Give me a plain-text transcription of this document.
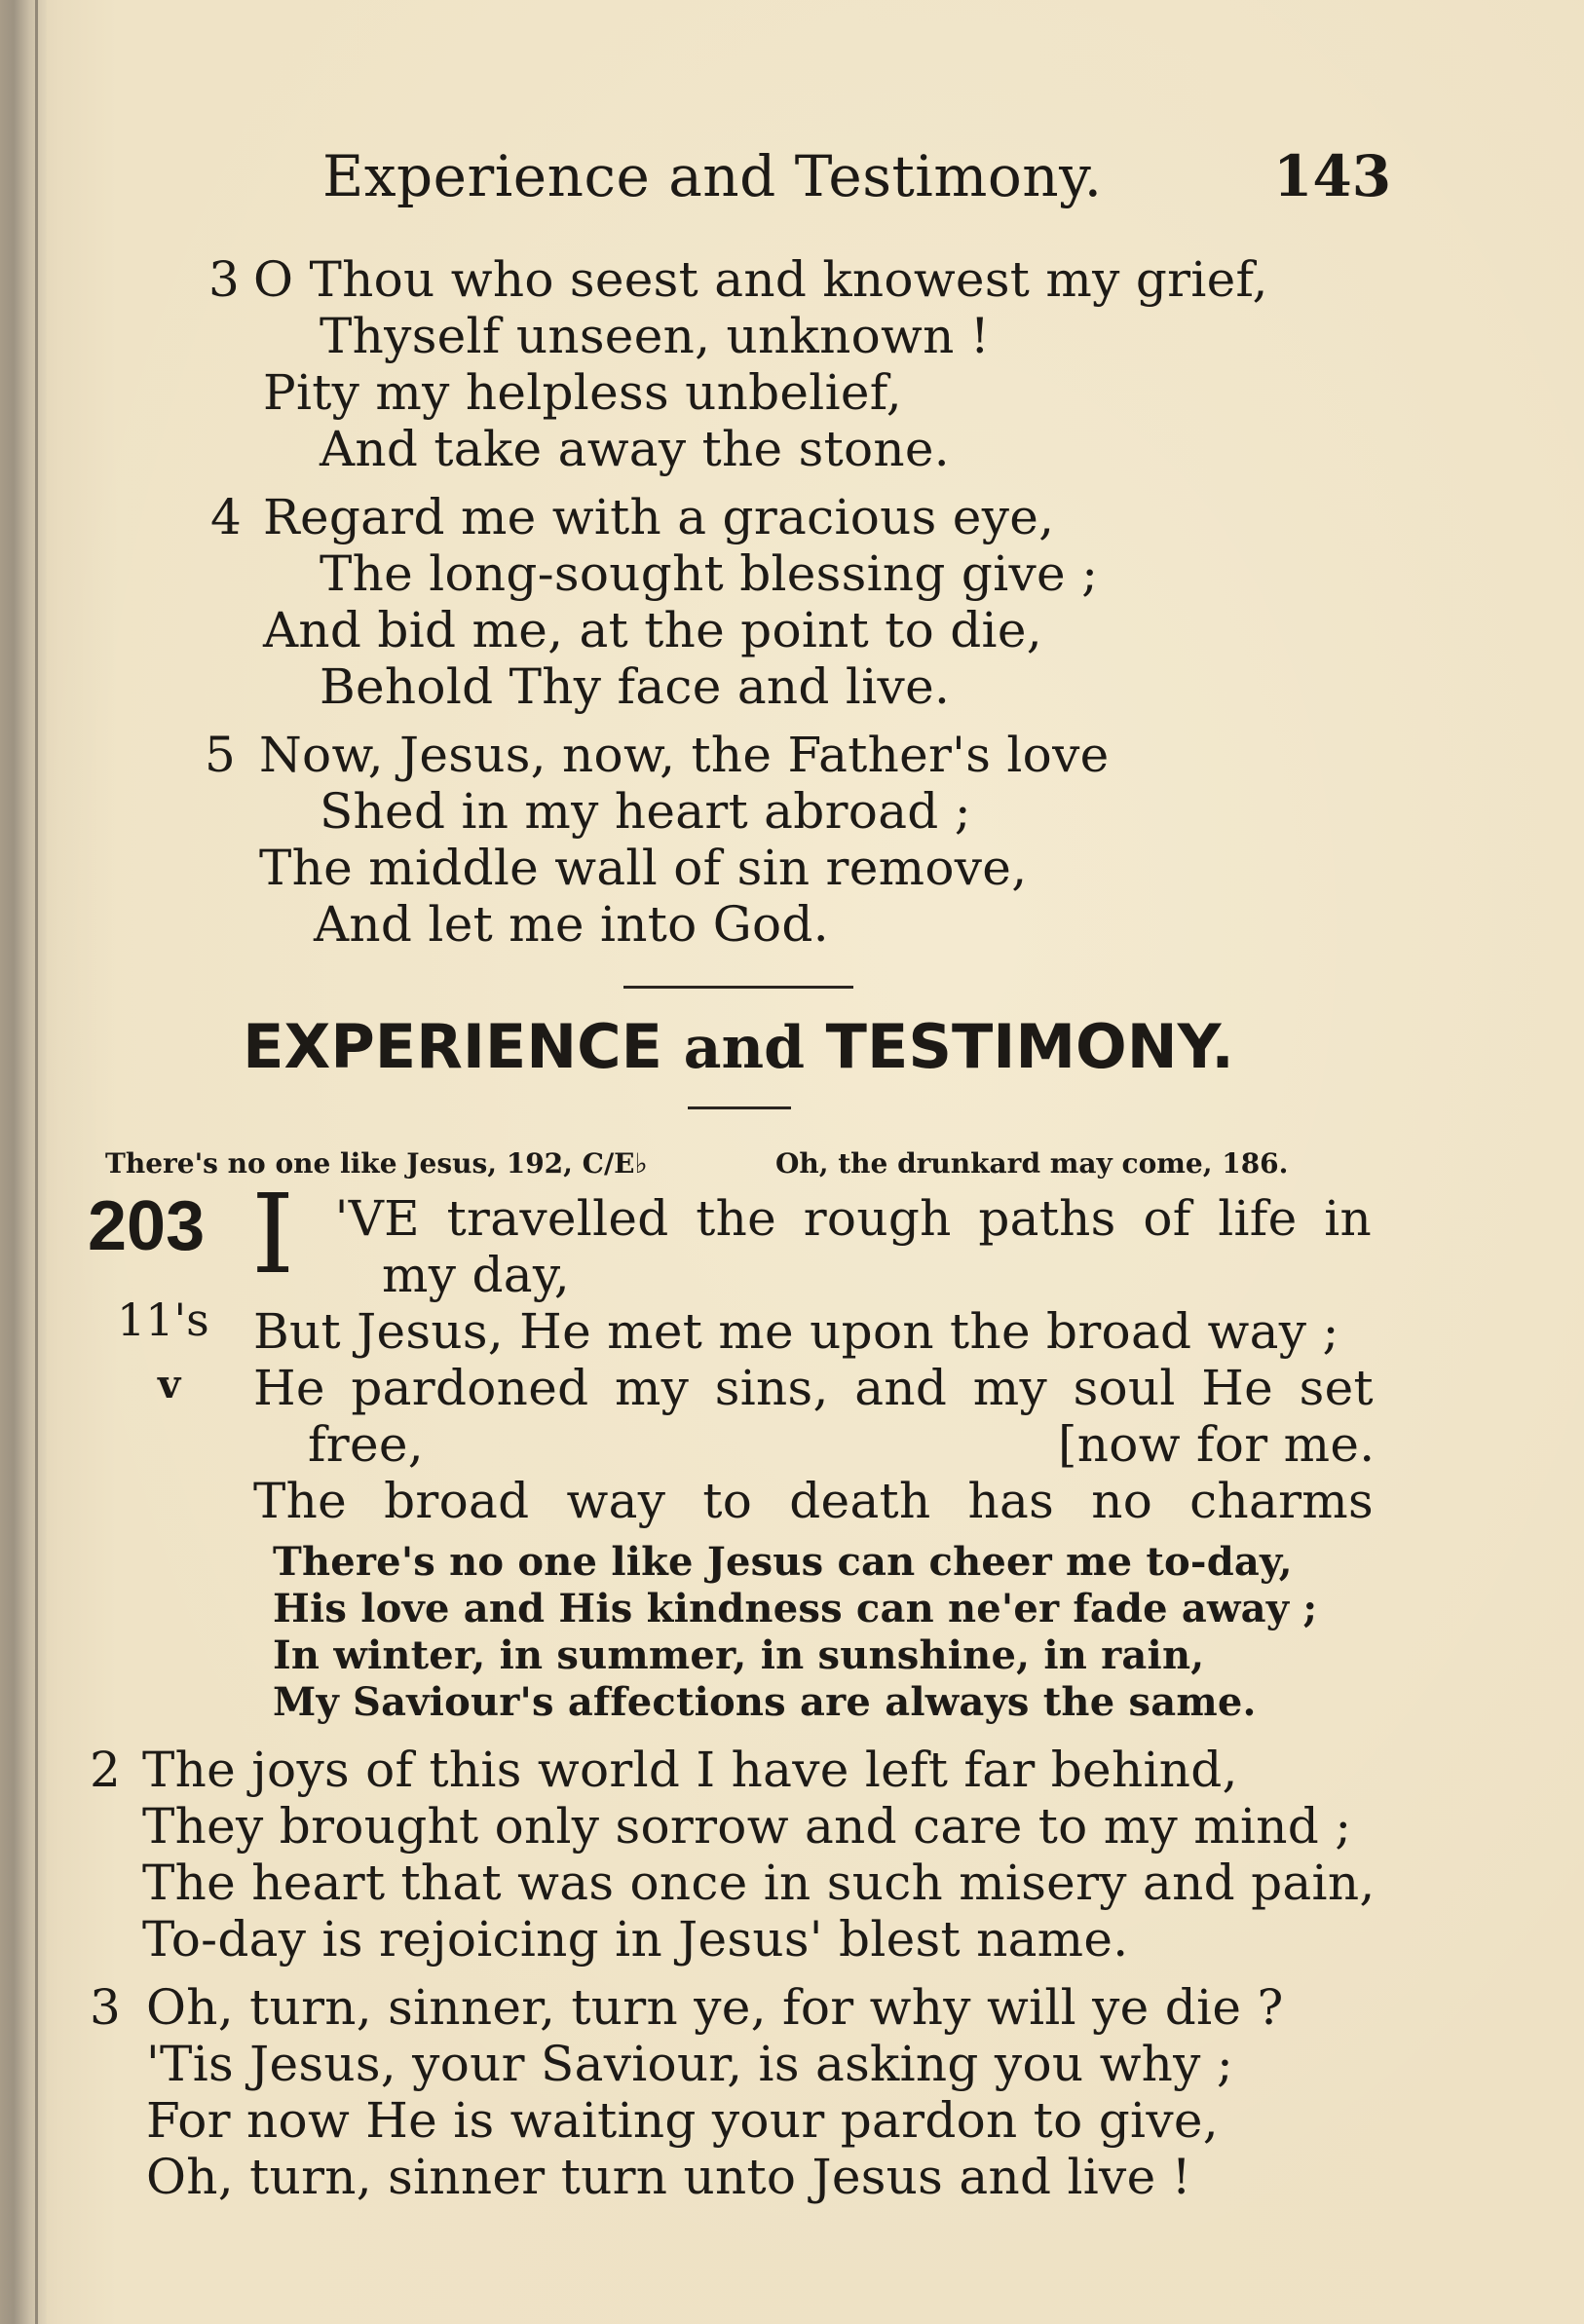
Experience and Testimony.	143
3 O Thou who seest and knowest my grief,
Thyself unseen, unknown !
Pity my helpless unbelief,
And take away the stone.
4 Regard me with a gracious eye,
The long-sought blessing give ;
And bid me, at the point to die,
Behold Thy face and live.
5 Now, Jesus, now, the Father's love
Shed in my heart abroad ;
The middle wall of sin remove,
And let me into God.
EXPERIENCE and TESTIMONY.
There's no one like Jesus, 192, C/E♭	Oh, the drunkard may come, 186.
203 I
11's
v
'VE travelled the rough paths of life in
my day,
But Jesus, He met me upon the broad way ;
He pardoned my sins, and my soul He set
free,	[now for me.
The broad way to death has no charms
There's no one like Jesus can cheer me to-day,
His love and His kindness can ne'er fade away ;
In winter, in summer, in sunshine, in rain,
My Saviour's affections are always the same.
2 The joys of this world I have left far behind,
They brought only sorrow and care to my mind ;
The heart that was once in such misery and pain,
To-day is rejoicing in Jesus' blest name.
3 Oh, turn, sinner, turn ye, for why will ye die ?
'Tis Jesus, your Saviour, is asking you why ;
For now He is waiting your pardon to give,
Oh, turn, sinner turn unto Jesus and live !
